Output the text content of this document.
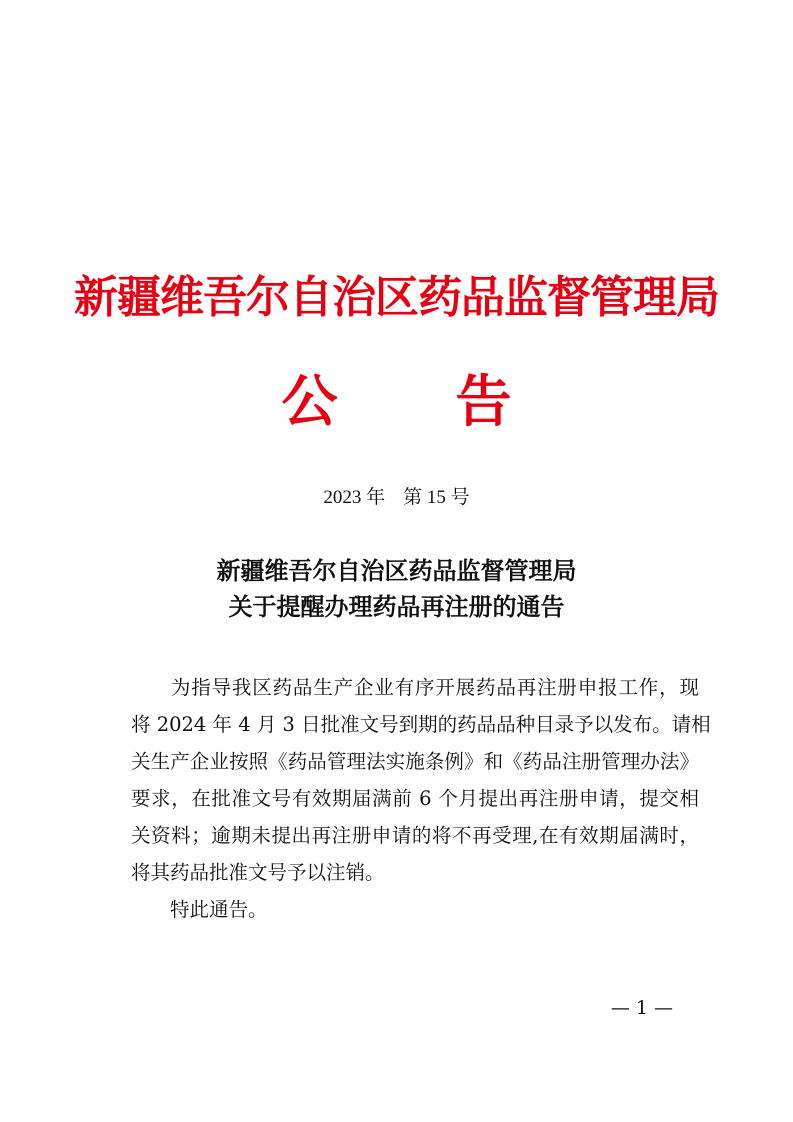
新疆维吾尔自治区药品监督管理局
公 告
2023 年 第 15 号
新疆维吾尔自治区药品监督管理局
关于提醒办理药品再注册的通告

为指导我区药品生产企业有序开展药品再注册申报工作，现
将 2024 年 4 月 3 日批准文号到期的药品品种目录予以发布。请相
关生产企业按照《药品管理法实施条例》和《药品注册管理办法》
要求，在批准文号有效期届满前 6 个月提出再注册申请，提交相
关资料；逾期未提出再注册申请的将不再受理,在有效期届满时，
将其药品批准文号予以注销。

特此通告。

— 1 —
